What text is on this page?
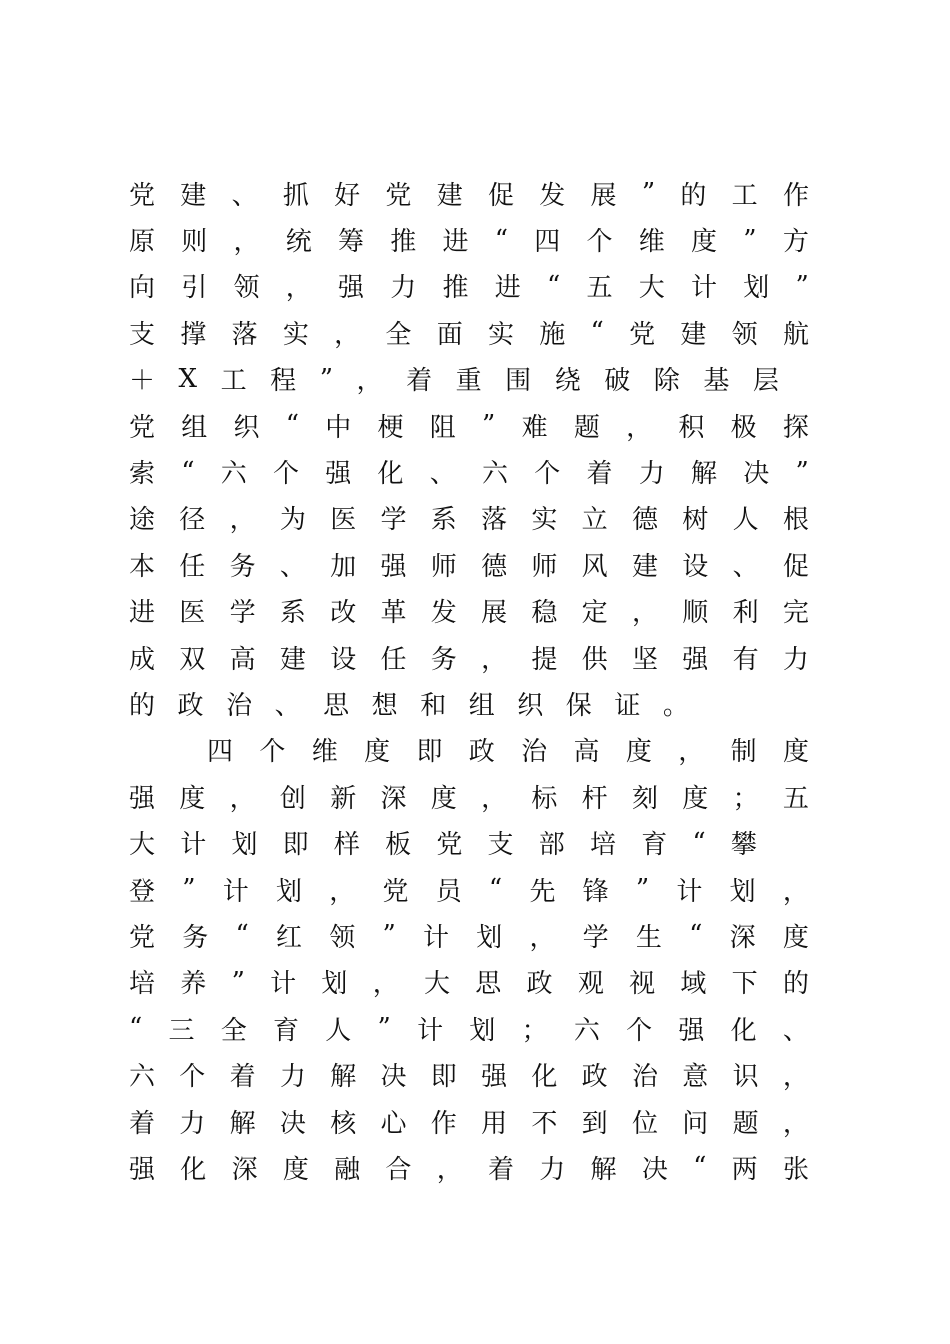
党 建 、 抓 好 党 建 促 发 展 ” 的 工 作
原 则 ， 统 筹 推 进 “ 四 个 维 度 ” 方
向 引 领 ， 强 力 推 进 “ 五 大 计 划 ”
支 撑 落 实 ， 全 面 实 施 “ 党 建 领 航
＋ X 工 程 ” ， 着 重 围 绕 破 除 基 层
党 组 织 “ 中 梗 阻 ” 难 题 ， 积 极 探
索 “ 六 个 强 化 、 六 个 着 力 解 决 ”
途 径 ， 为 医 学 系 落 实 立 德 树 人 根
本 任 务 、 加 强 师 德 师 风 建 设 、 促
进 医 学 系 改 革 发 展 稳 定 ， 顺 利 完
成 双 高 建 设 任 务 ， 提 供 坚 强 有 力
的 政 治 、 思 想 和 组 织 保 证 。
四 个 维 度 即 政 治 高 度 ， 制 度
强 度 ， 创 新 深 度 ， 标 杆 刻 度 ； 五
大 计 划 即 样 板 党 支 部 培 育 “ 攀
登 ” 计 划 ， 党 员 “ 先 锋 ” 计 划 ，
党 务 “ 红 领 ” 计 划 ， 学 生 “ 深 度
培 养 ” 计 划 ， 大 思 政 观 视 域 下 的
“ 三 全 育 人 ” 计 划 ； 六 个 强 化 、
六 个 着 力 解 决 即 强 化 政 治 意 识 ，
着 力 解 决 核 心 作 用 不 到 位 问 题 ，
强 化 深 度 融 合 ， 着 力 解 决 “ 两 张
